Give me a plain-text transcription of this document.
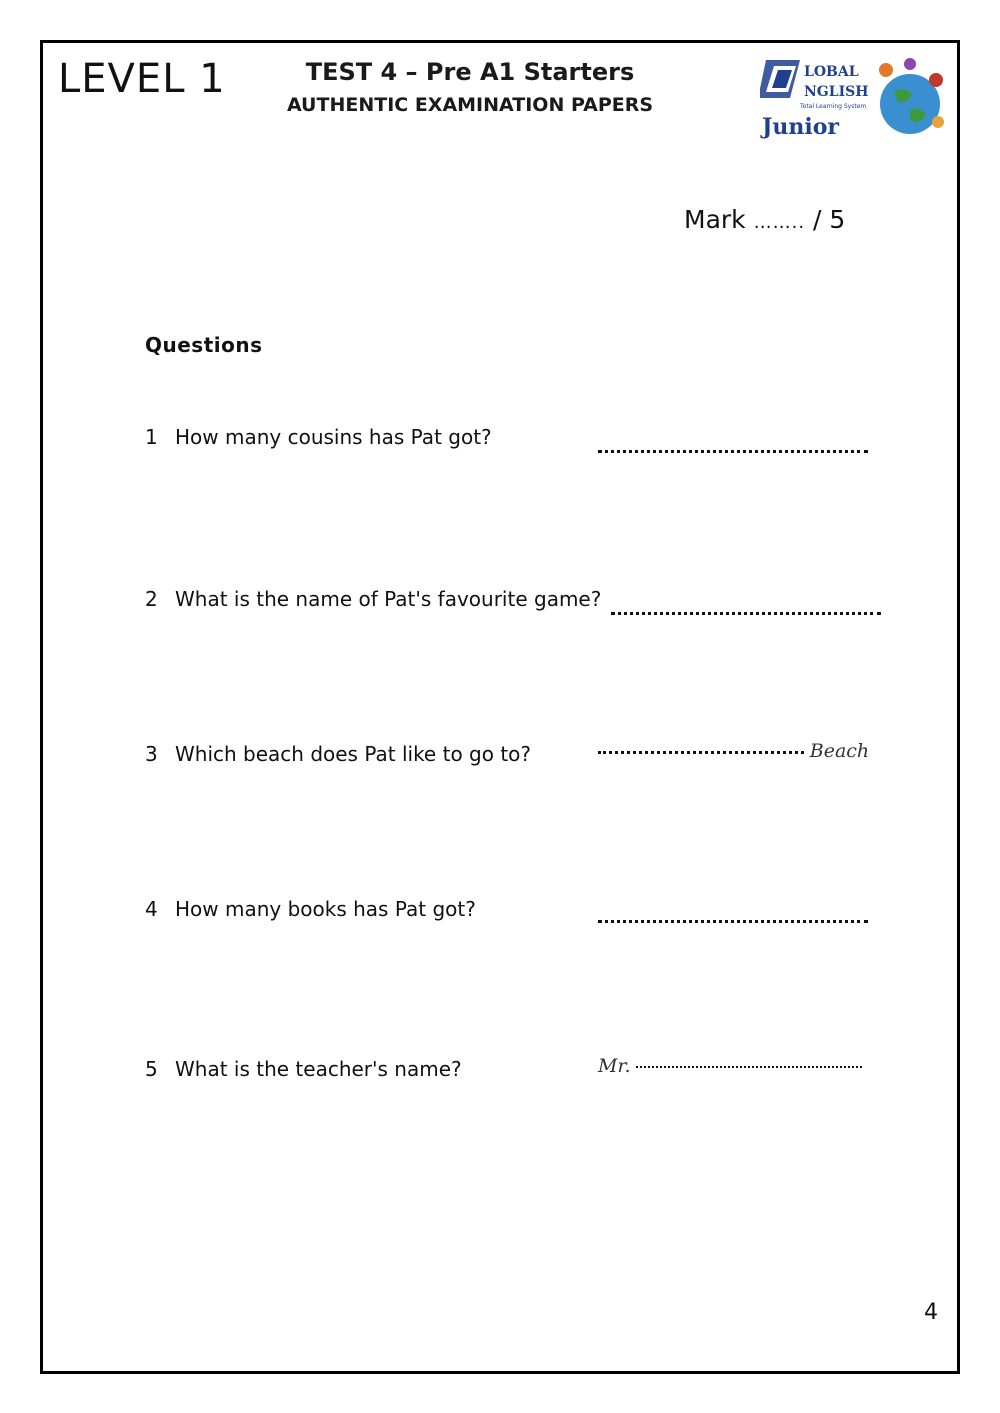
LEVEL 1	TEST 4 – Pre A1 Starters
AUTHENTIC EXAMINATION PAPERS
LOBAL
NGLISH
Total Learning System
Junior
Mark …….. / 5
Questions
1 How many cousins has Pat got?
2 What is the name of Pat's favourite game?
3 Which beach does Pat like to go to?	Beach
4 How many books has Pat got?
5 What is the teacher's name?	Mr.
4
